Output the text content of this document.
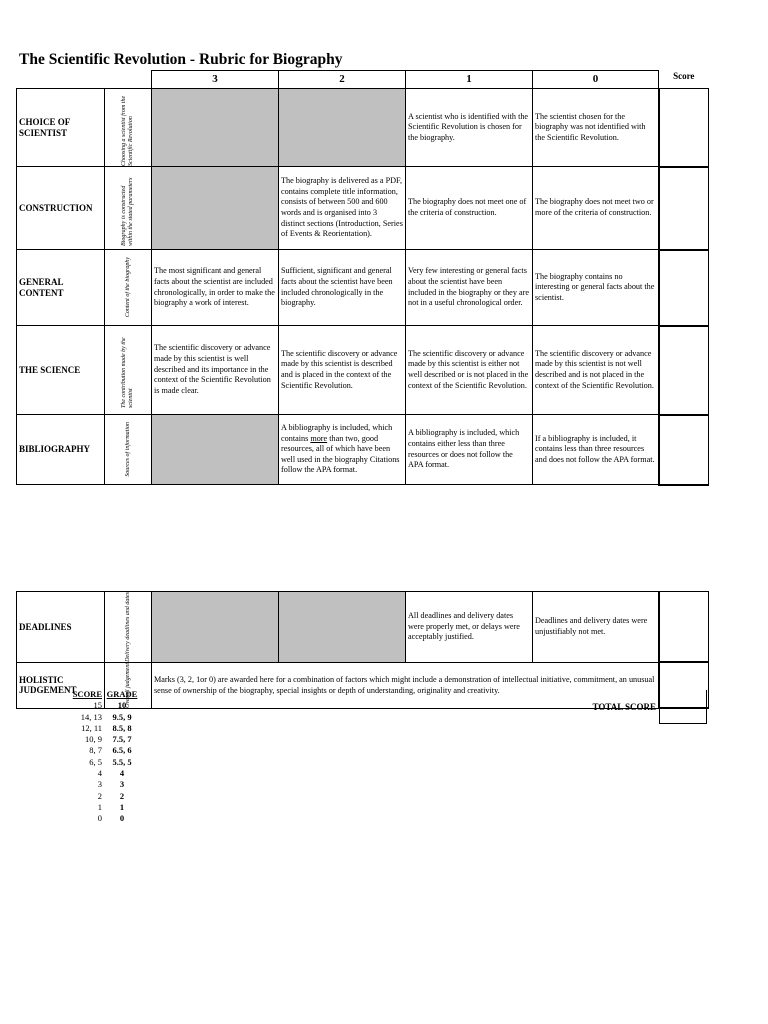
The Scientific Revolution - Rubric for Biography
		3	2	1	0	Score
CHOICE OF SCIENTIST	Choosing a scientist from the Scientific Revolution			A scientist who is identified with the Scientific Revolution is chosen for the biography.	The scientist chosen for the biography was not identified with the Scientific Revolution.	
CONSTRUCTION	Biography is constructed within the stated parameters		The biography is delivered as a PDF, contains complete title information, consists of between 500 and 600 words and is organised into 3 distinct sections (Introduction, Series of Events & Reorientation).	The biography does not meet one of the criteria of construction.	The biography does not meet two or more of the criteria of construction.	
GENERAL CONTENT	Content of the biography	The most significant and general facts about the scientist are included chronologically, in order to make the biography a work of interest.	Sufficient, significant and general facts about the scientist have been included chronologically in the biography.	Very few interesting or general facts about the scientist have been included in the biography or they are not in a useful chronological order.	The biography contains no interesting or general facts about the scientist.	
THE SCIENCE	The contribution made by the scientist	The scientific discovery or advance made by this scientist is well described and its importance in the context of the Scientific Revolution is made clear.	The scientific discovery or advance made by this scientist is described and is placed in the context of the Scientific Revolution.	The scientific discovery or advance made by this scientist is either not well described or is not placed in the context of the Scientific Revolution.	The scientific discovery or advance made by this scientist is not well described and is not placed in the context of the Scientific Revolution.	
BIBLIOGRAPHY	Sources of information		A bibliography is included, which contains more than two, good resources, all of which have been well used in the biography Citations follow the APA format.	A bibliography is included, which contains either less than three resources or does not follow the APA format.	If a bibliography is included, it contains less than three resources and does not follow the APA format.	
DEADLINES	Delivery deadlines and dates			All deadlines and delivery dates were properly met, or delays were acceptably justified.	Deadlines and delivery dates were unjustifiably not met.	
HOLISTIC JUDGEMENT	Overall judgement	Marks (3, 2, 1or 0) are awarded here for a combination of factors which might include a demonstration of intellectual initiative, commitment, an unusual sense of ownership of the biography, special insights or depth of understanding, originality and creativity.				
TOTAL SCORE
SCORE GRADE
15	10
14, 13	9.5, 9
12, 11	8.5, 8
10, 9	7.5, 7
8, 7	6.5, 6
6, 5	5.5, 5
4	4
3	3
2	2
1	1
0	0
